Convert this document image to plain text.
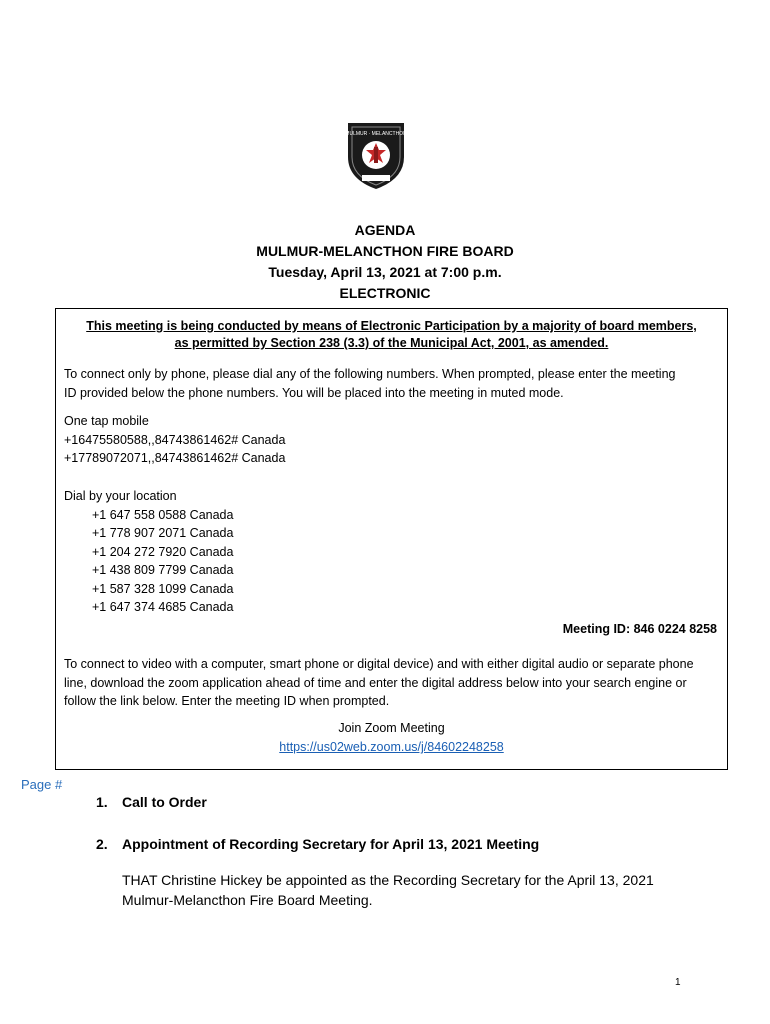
MULMUR · MELANCTHON
AGENDA
MULMUR-MELANCTHON FIRE BOARD
Tuesday, April 13, 2021 at 7:00 p.m.
ELECTRONIC
This meeting is being conducted by means of Electronic Participation by a majority of board members,
as permitted by Section 238 (3.3) of the Municipal Act, 2001, as amended.
To connect only by phone, please dial any of the following numbers. When prompted, please enter the meeting
ID provided below the phone numbers. You will be placed into the meeting in muted mode.
One tap mobile
+16475580588,,84743861462# Canada
+17789072071,,84743861462# Canada
Dial by your location
+1 647 558 0588 Canada
+1 778 907 2071 Canada
+1 204 272 7920 Canada
+1 438 809 7799 Canada
+1 587 328 1099 Canada
+1 647 374 4685 Canada
Meeting ID: 846 0224 8258
To connect to video with a computer, smart phone or digital device) and with either digital audio or separate phone
line, download the zoom application ahead of time and enter the digital address below into your search engine or
follow the link below. Enter the meeting ID when prompted.
Join Zoom Meeting
https://us02web.zoom.us/j/84602248258
Page #
1. Call to Order
2. Appointment of Recording Secretary for April 13, 2021 Meeting
THAT Christine Hickey be appointed as the Recording Secretary for the April 13, 2021
Mulmur-Melancthon Fire Board Meeting.
1
